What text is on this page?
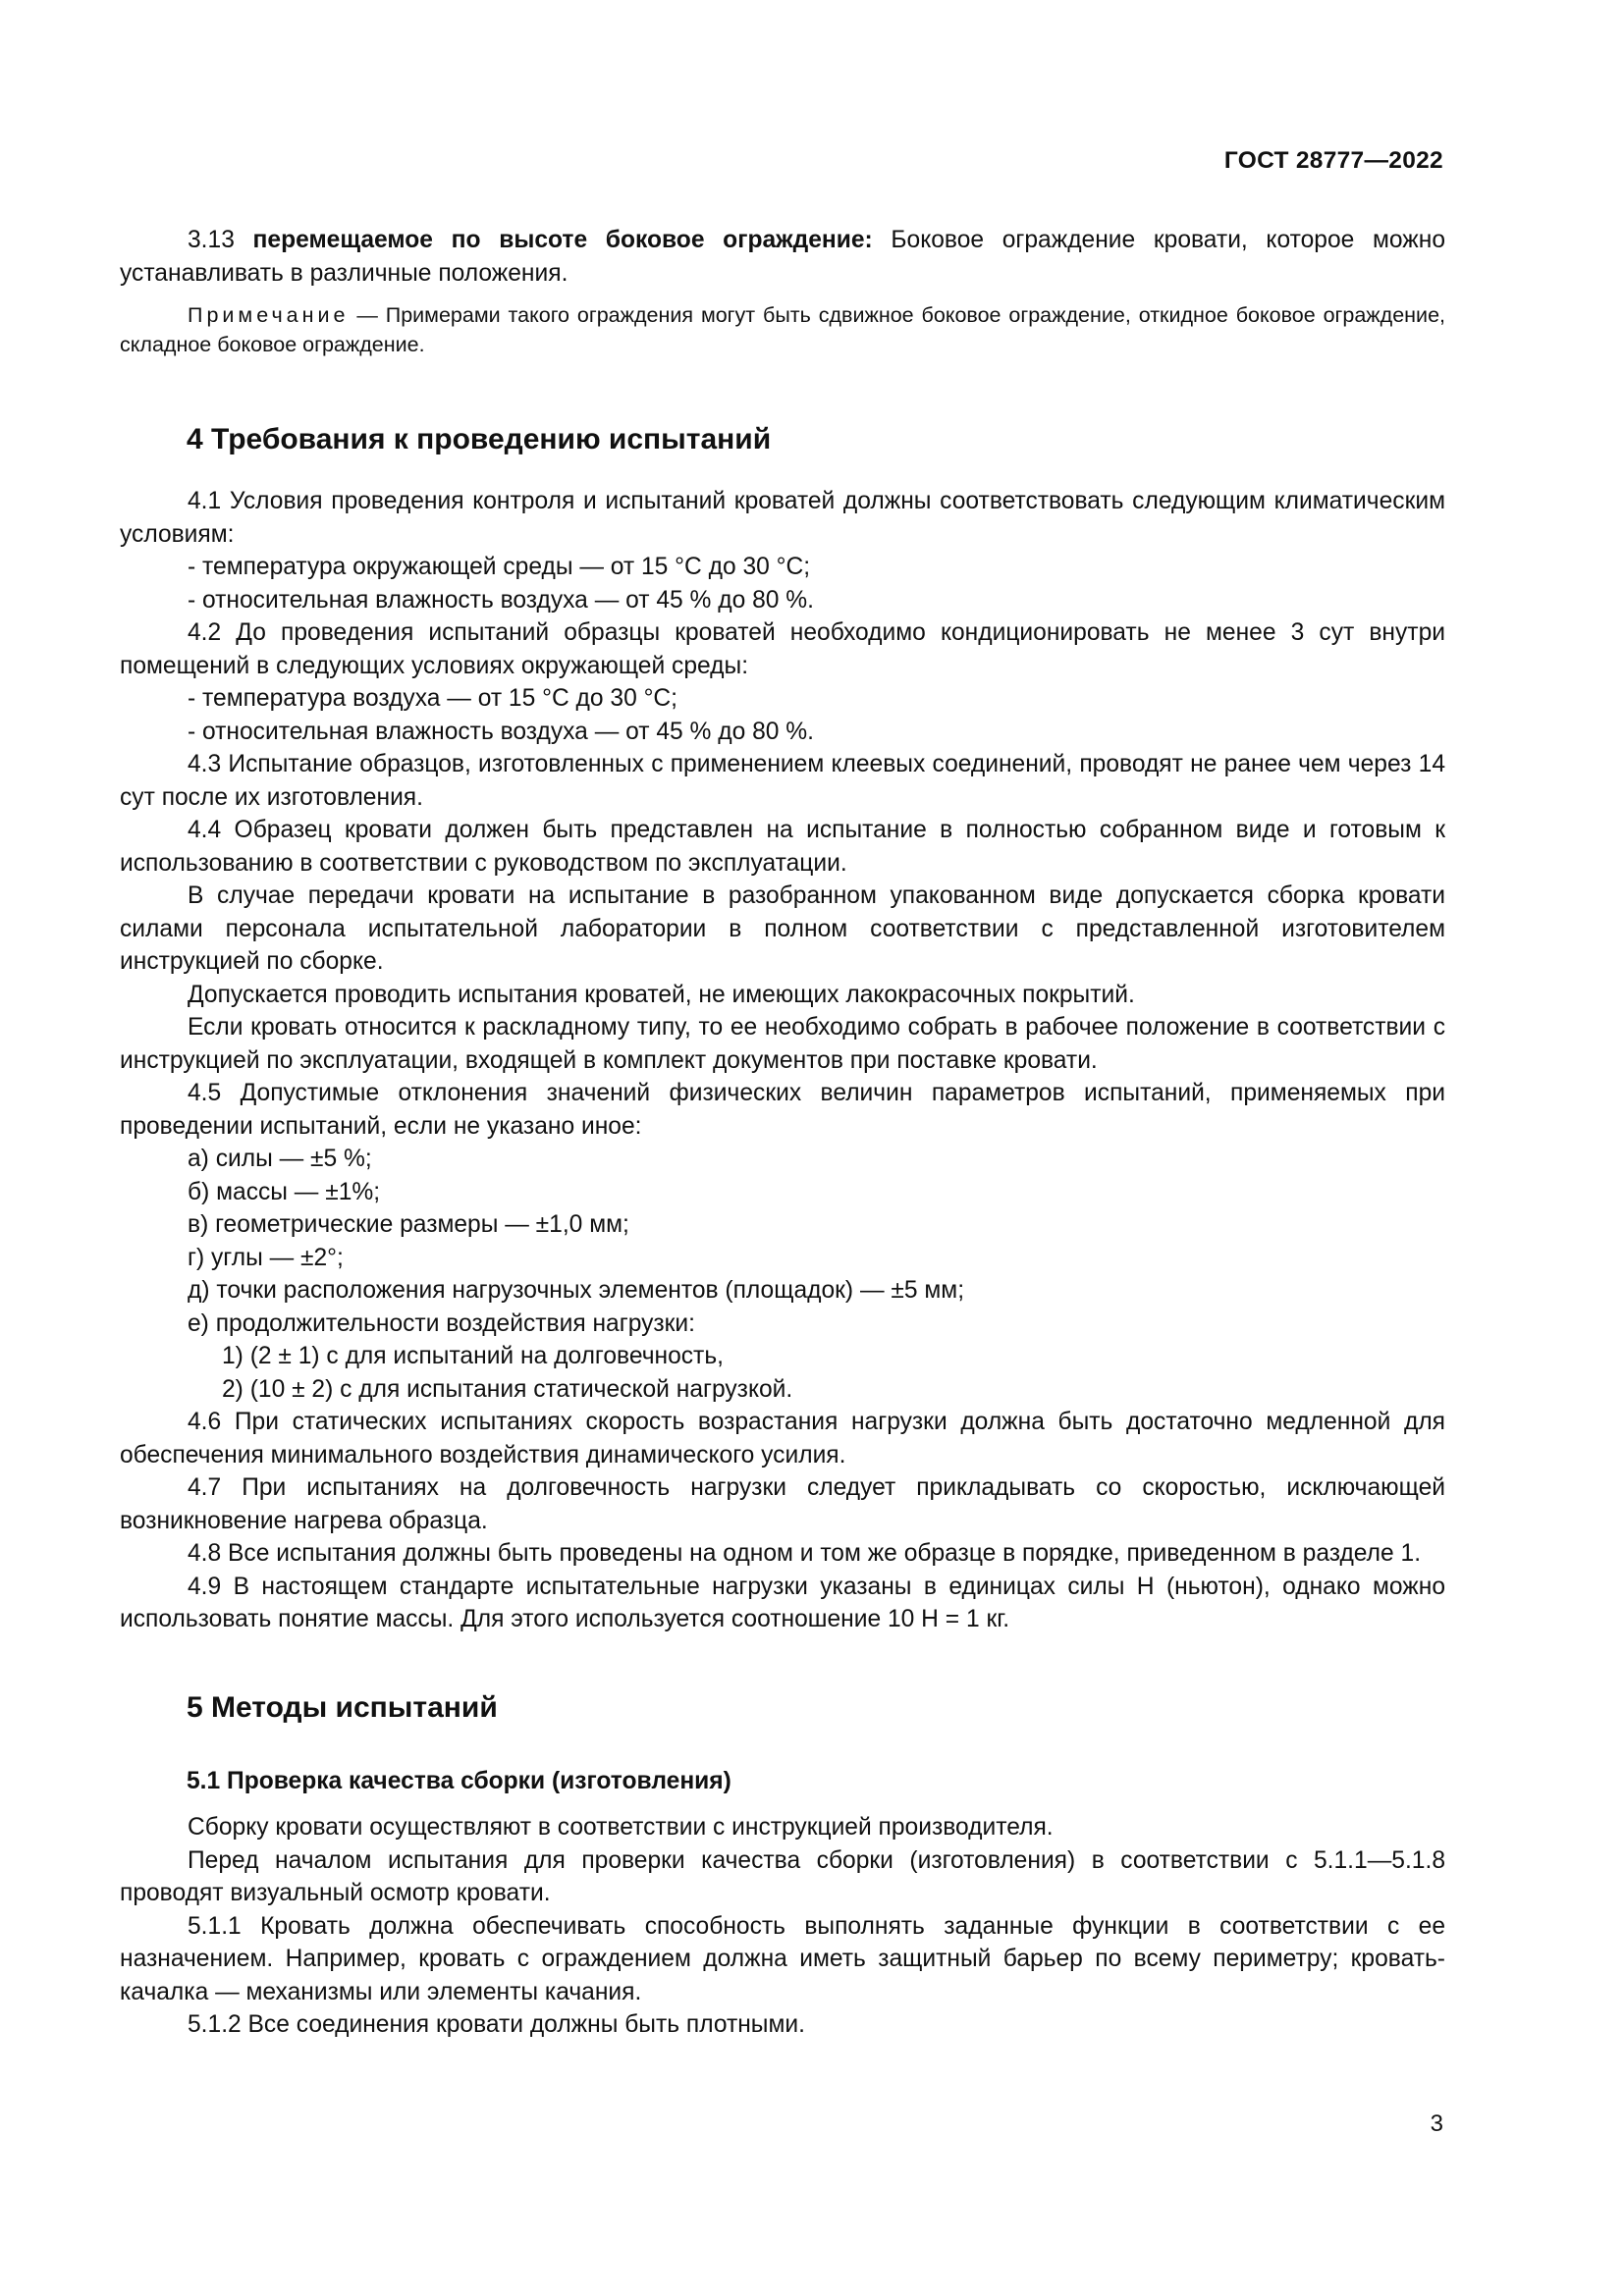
ГОСТ 28777—2022

3.13 перемещаемое по высоте боковое ограждение: Боковое ограждение кровати, которое можно устанавливать в различные положения.

Примечание — Примерами такого ограждения могут быть сдвижное боковое ограждение, откидное боковое ограждение, складное боковое ограждение.

4 Требования к проведению испытаний

4.1 Условия проведения контроля и испытаний кроватей должны соответствовать следующим климатическим условиям:

- температура окружающей среды — от 15 °С до 30 °С;

- относительная влажность воздуха — от 45 % до 80 %.

4.2 До проведения испытаний образцы кроватей необходимо кондиционировать не менее 3 сут внутри помещений в следующих условиях окружающей среды:

- температура воздуха — от 15 °С до 30 °С;

- относительная влажность воздуха — от 45 % до 80 %.

4.3 Испытание образцов, изготовленных с применением клеевых соединений, проводят не ранее чем через 14 сут после их изготовления.

4.4 Образец кровати должен быть представлен на испытание в полностью собранном виде и готовым к использованию в соответствии с руководством по эксплуатации.

В случае передачи кровати на испытание в разобранном упакованном виде допускается сборка кровати силами персонала испытательной лаборатории в полном соответствии с представленной изготовителем инструкцией по сборке.

Допускается проводить испытания кроватей, не имеющих лакокрасочных покрытий.

Если кровать относится к раскладному типу, то ее необходимо собрать в рабочее положение в соответствии с инструкцией по эксплуатации, входящей в комплект документов при поставке кровати.

4.5 Допустимые отклонения значений физических величин параметров испытаний, применяемых при проведении испытаний, если не указано иное:

а) силы — ±5 %;

б) массы — ±1%;

в) геометрические размеры — ±1,0 мм;

г) углы — ±2°;

д) точки расположения нагрузочных элементов (площадок) — ±5 мм;

е) продолжительности воздействия нагрузки:

1) (2 ± 1) с для испытаний на долговечность,

2) (10 ± 2) с для испытания статической нагрузкой.

4.6 При статических испытаниях скорость возрастания нагрузки должна быть достаточно медленной для обеспечения минимального воздействия динамического усилия.

4.7 При испытаниях на долговечность нагрузки следует прикладывать со скоростью, исключающей возникновение нагрева образца.

4.8 Все испытания должны быть проведены на одном и том же образце в порядке, приведенном в разделе 1.

4.9 В настоящем стандарте испытательные нагрузки указаны в единицах силы Н (ньютон), однако можно использовать понятие массы. Для этого используется соотношение 10 Н = 1 кг.

5 Методы испытаний
5.1 Проверка качества сборки (изготовления)

Сборку кровати осуществляют в соответствии с инструкцией производителя.

Перед началом испытания для проверки качества сборки (изготовления) в соответствии с 5.1.1—5.1.8 проводят визуальный осмотр кровати.

5.1.1 Кровать должна обеспечивать способность выполнять заданные функции в соответствии с ее назначением. Например, кровать с ограждением должна иметь защитный барьер по всему периметру; кровать-качалка — механизмы или элементы качания.

5.1.2 Все соединения кровати должны быть плотными.

3
